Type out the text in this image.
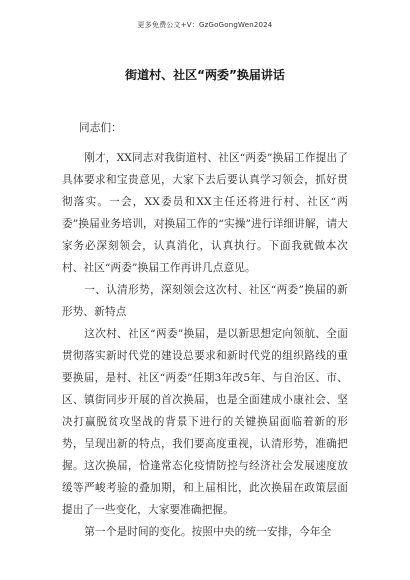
更多免费公文+V：GzGoGongWen2024
街道村、社区“两委”换届讲话

同志们：

刚才，XX同志对我街道村、社区“两委”换届工作提出了具体要求和宝贵意见，大家下去后要认真学习领会，抓好贯彻落实。一会，XX委员和XX主任还将进行村、社区“两委”换届业务培训，对换届工作的“实操”进行详细讲解，请大家务必深刻领会，认真消化，认真执行。下面我就做本次村、社区“两委”换届工作再讲几点意见。

一、认清形势，深刻领会这次村、社区“两委”换届的新形势、新特点

这次村、社区“两委”换届，是以新思想定向领航、全面贯彻落实新时代党的建设总要求和新时代党的组织路线的重要换届，是村、社区“两委”任期3年改5年、与自治区、市、区、镇街同步开展的首次换届，也是全面建成小康社会、坚决打赢脱贫攻坚战的背景下进行的关键换届面临着新的形势，呈现出新的特点，我们要高度重视，认清形势，准确把握。这次换届，恰逢常态化疫情防控与经济社会发展速度放缓等严峻考验的叠加期，和上届相比，此次换届在政策层面提出了一些变化，大家要准确把握。

第一个是时间的变化。按照中央的统一安排，今年全
